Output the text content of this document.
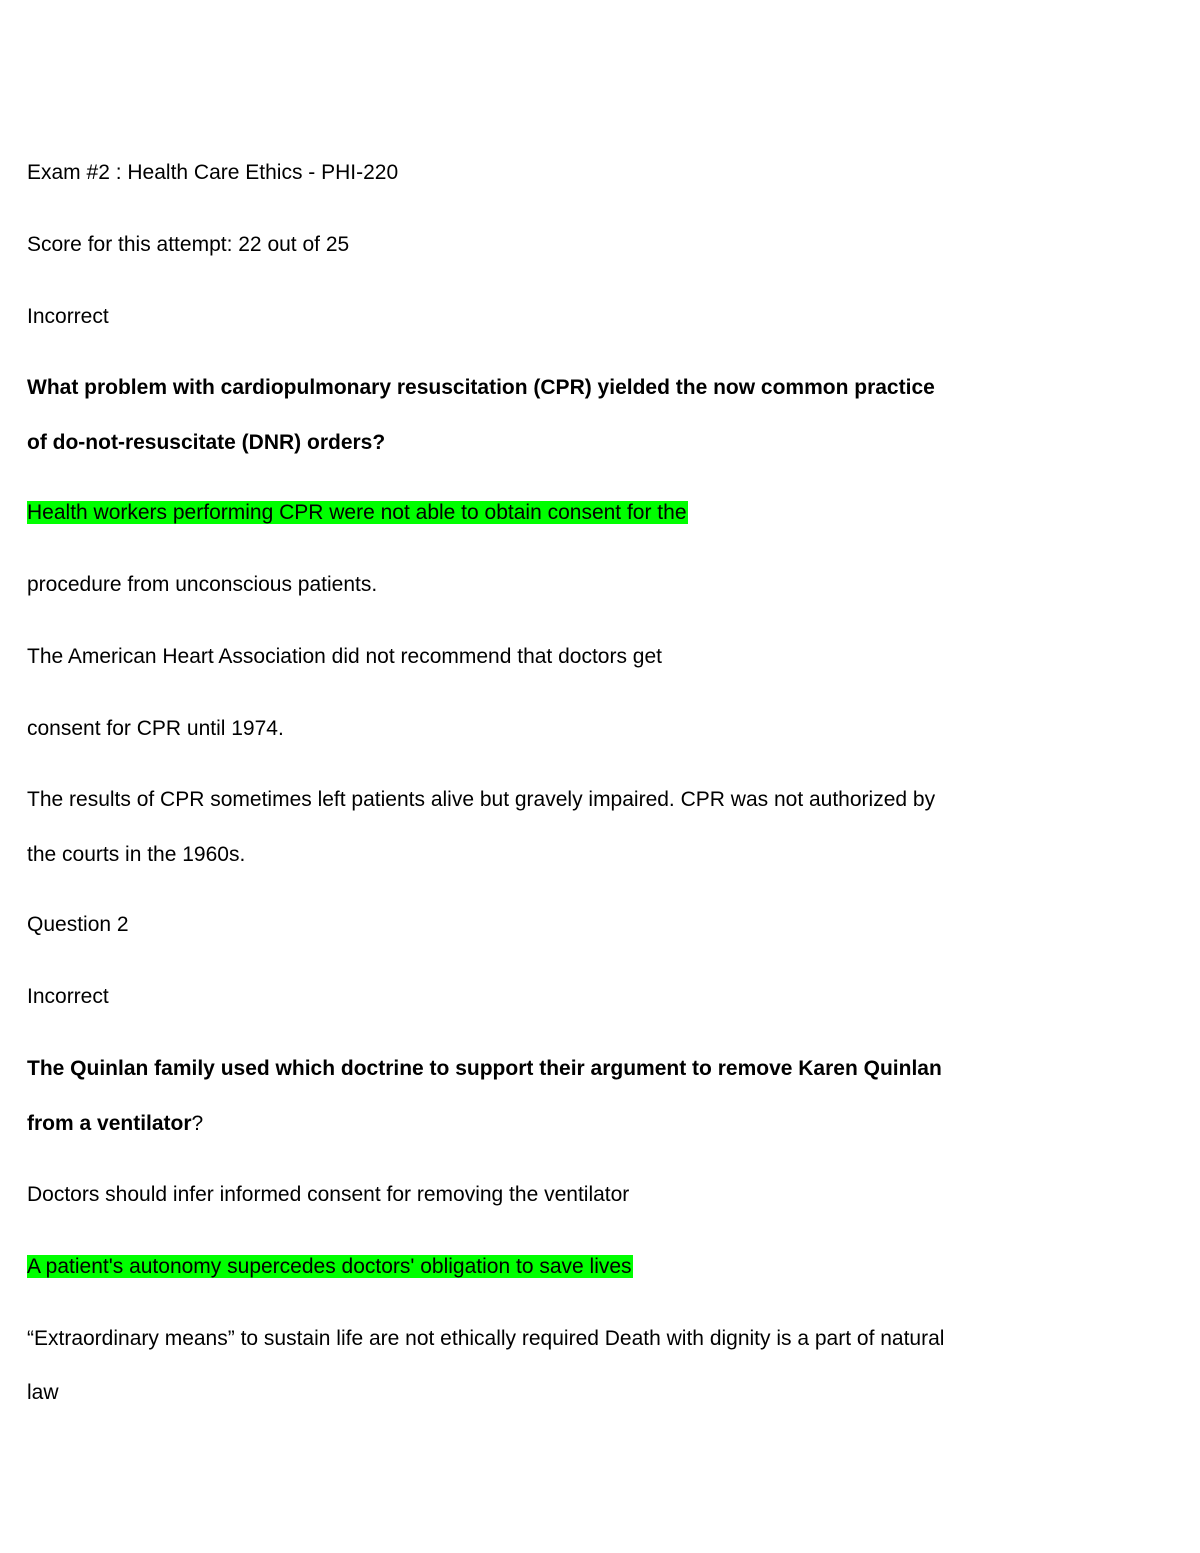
Exam #2 : Health Care Ethics - PHI-220
Score for this attempt: 22 out of 25
Incorrect
What problem with cardiopulmonary resuscitation (CPR) yielded the now common practice
of do-not-resuscitate (DNR) orders?
Health workers performing CPR were not able to obtain consent for the
procedure from unconscious patients.
The American Heart Association did not recommend that doctors get
consent for CPR until 1974.
The results of CPR sometimes left patients alive but gravely impaired. CPR was not authorized by
the courts in the 1960s.
Question 2
Incorrect
The Quinlan family used which doctrine to support their argument to remove Karen Quinlan
from a ventilator?
Doctors should infer informed consent for removing the ventilator
A patient's autonomy supercedes doctors' obligation to save lives
“Extraordinary means” to sustain life are not ethically required Death with dignity is a part of natural
law
